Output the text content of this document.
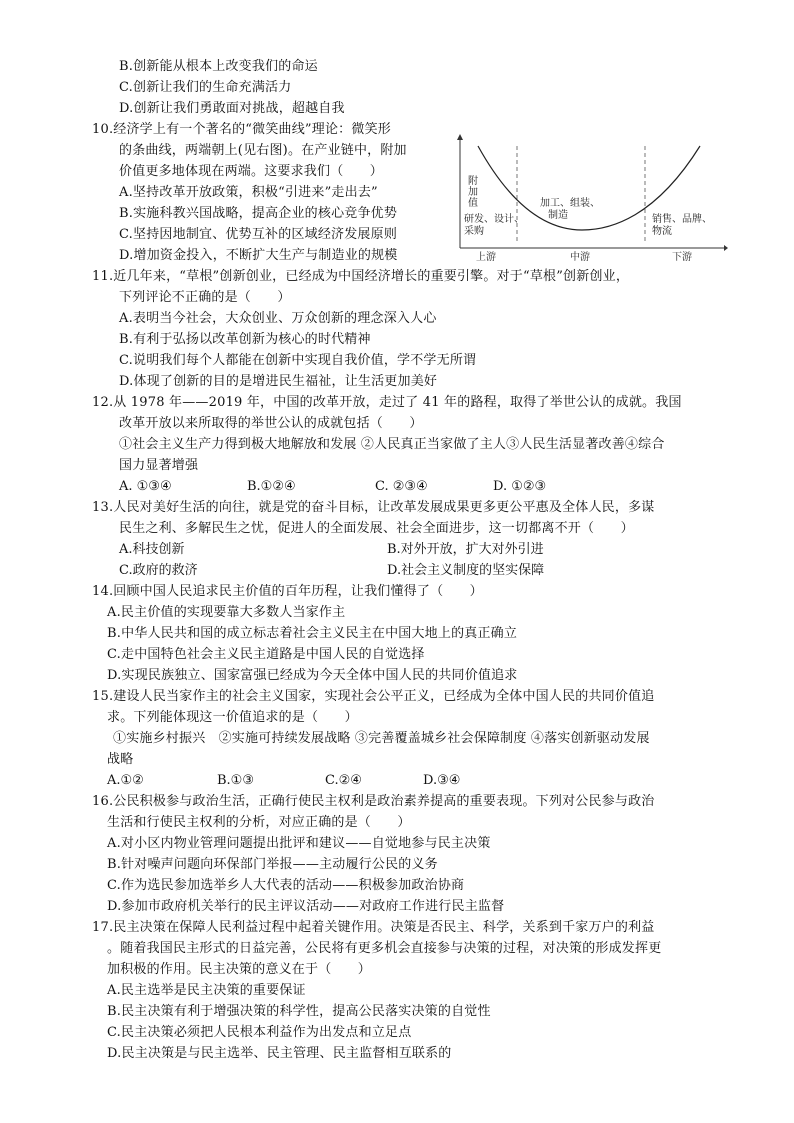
B.创新能从根本上改变我们的命运
C.创新让我们的生命充满活力
D.创新让我们勇敢面对挑战，超越自我
10.经济学上有一个著名的“微笑曲线”理论：微笑形
的条曲线，两端朝上(见右图)。在产业链中，附加
价值更多地体现在两端。这要求我们（　　）
A.坚持改革开放政策，积极“引进来”走出去”
B.实施科教兴国战略，提高企业的核心竞争优势
C.坚持因地制宜、优势互补的区域经济发展原则
D.增加资金投入，不断扩大生产与制造业的规模
附加值
研发、设计、
采购
加工、组装、
制造	销售、品牌、
物流
上游	中游	下游
11.近几年来，“草根”创新创业，已经成为中国经济增长的重要引擎。对于“草根”创新创业，
下列评论不正确的是（　　）
A.表明当今社会，大众创业、万众创新的理念深入人心
B.有利于弘扬以改革创新为核心的时代精神
C.说明我们每个人都能在创新中实现自我价值，学不学无所谓
D.体现了创新的目的是增进民生福祉，让生活更加美好
12.从 1978 年——2019 年，中国的改革开放，走过了 41 年的路程，取得了举世公认的成就。我国
改革开放以来所取得的举世公认的成就包括（　　）
①社会主义生产力得到极大地解放和发展 ②人民真正当家做了主人③人民生活显著改善④综合
国力显著增强
A. ①③④	B.①②④	C. ②③④	D. ①②③
13.人民对美好生活的向往，就是党的奋斗目标，让改革发展成果更多更公平惠及全体人民，多谋
民生之利、多解民生之忧，促进人的全面发展、社会全面进步，这一切都离不开（　　）
A.科技创新	B.对外开放，扩大对外引进
C.政府的救济	D.社会主义制度的坚实保障
14.回顾中国人民追求民主价值的百年历程，让我们懂得了（　　）
A.民主价值的实现要靠大多数人当家作主
B.中华人民共和国的成立标志着社会主义民主在中国大地上的真正确立
C.走中国特色社会主义民主道路是中国人民的自觉选择
D.实现民族独立、国家富强已经成为今天全体中国人民的共同价值追求
15.建设人民当家作主的社会主义国家，实现社会公平正义，已经成为全体中国人民的共同价值追
求。下列能体现这一价值追求的是（　　）
①实施乡村振兴　②实施可持续发展战略 ③完善覆盖城乡社会保障制度 ④落实创新驱动发展
战略
A.①②	B.①③	C.②④	D.③④
16.公民积极参与政治生活，正确行使民主权利是政治素养提高的重要表现。下列对公民参与政治
生活和行使民主权利的分析，对应正确的是（　　）
A.对小区内物业管理问题提出批评和建议——自觉地参与民主决策
B.针对噪声问题向环保部门举报——主动履行公民的义务
C.作为选民参加选举乡人大代表的活动——积极参加政治协商
D.参加市政府机关举行的民主评议活动——对政府工作进行民主监督
17.民主决策在保障人民利益过程中起着关键作用。决策是否民主、科学，关系到千家万户的利益
。随着我国民主形式的日益完善，公民将有更多机会直接参与决策的过程，对决策的形成发挥更
加积极的作用。民主决策的意义在于（　　）
A.民主选举是民主决策的重要保证
B.民主决策有利于增强决策的科学性，提高公民落实决策的自觉性
C.民主决策必须把人民根本利益作为出发点和立足点
D.民主决策是与民主选举、民主管理、民主监督相互联系的
